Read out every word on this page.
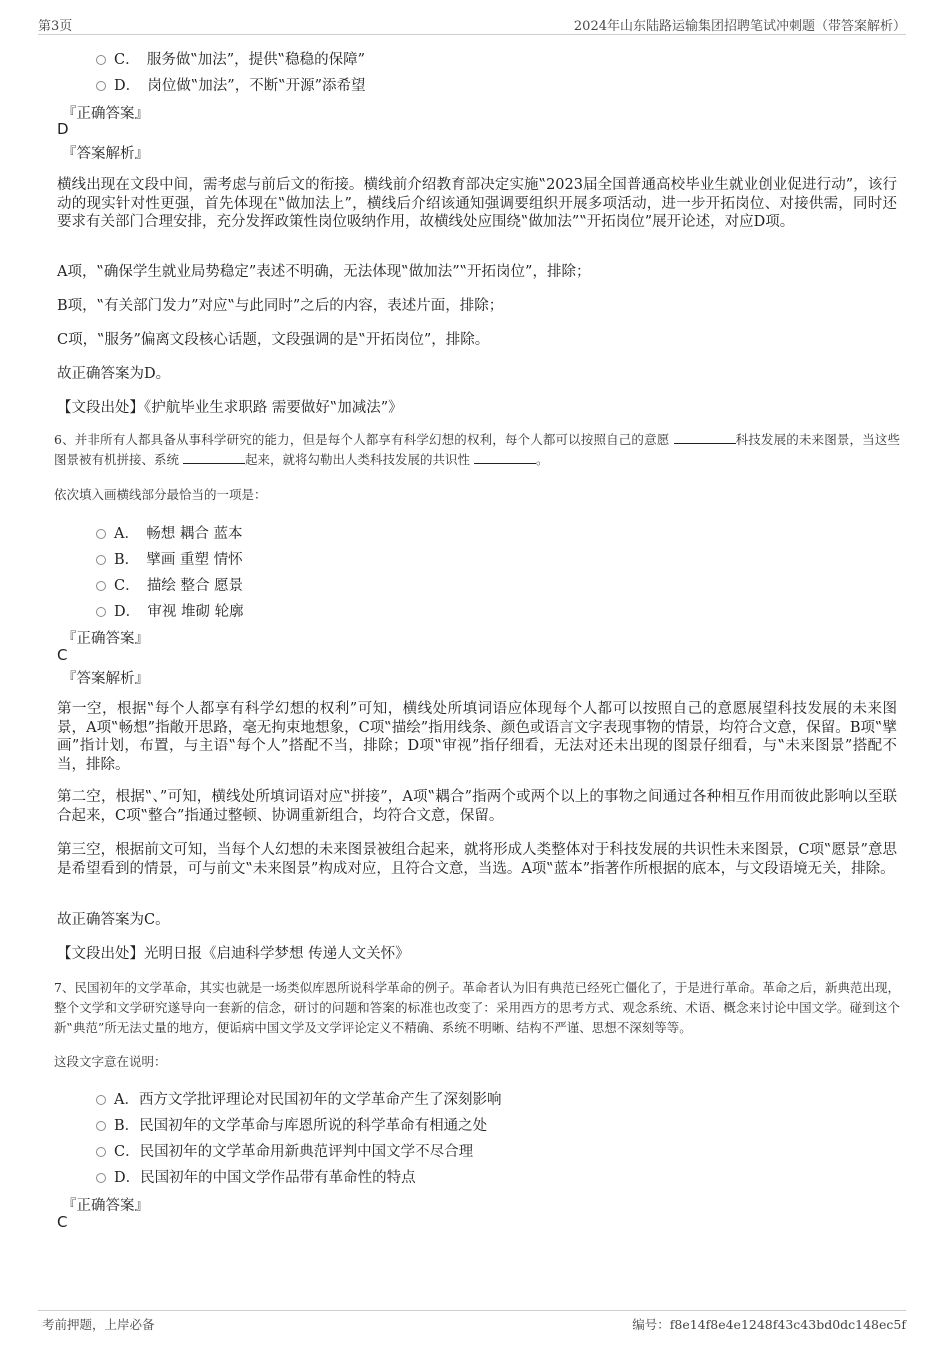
第3页	2024年山东陆路运输集团招聘笔试冲刺题（带答案解析）
C．　服务做‟加法”，提供‟稳稳的保障”
D．　岗位做‟加法”，不断‟开源”添希望
『正确答案』
D
『答案解析』
横线出现在文段中间，需考虑与前后文的衔接。横线前介绍教育部决定实施‟2023届全国普通高校毕业生就业创业促进行动”，该行动的现实针对性更强，首先体现在‟做加法上”，横线后介绍该通知强调要组织开展多项活动，进一步开拓岗位、对接供需，同时还要求有关部门合理安排，充分发挥政策性岗位吸纳作用，故横线处应围绕‟做加法”‟开拓岗位”展开论述，对应D项。
A项，‟确保学生就业局势稳定”表述不明确，无法体现‟做加法”‟开拓岗位”，排除；
B项，‟有关部门发力”对应‟与此同时”之后的内容，表述片面，排除；
C项，‟服务”偏离文段核心话题，文段强调的是‟开拓岗位”，排除。
故正确答案为D。
【文段出处】《护航毕业生求职路 需要做好‟加减法”》
6、并非所有人都具备从事科学研究的能力，但是每个人都享有科学幻想的权利，每个人都可以按照自己的意愿	科技发展的未来图景，当这些图景被有机拼接、系统	起来，就将勾勒出人类科技发展的共识性	。
依次填入画横线部分最恰当的一项是：
A．　畅想 耦合 蓝本
B．　擘画 重塑 情怀
C．　描绘 整合 愿景
D．　审视 堆砌 轮廓
『正确答案』
C
『答案解析』
第一空，根据‟每个人都享有科学幻想的权利”可知，横线处所填词语应体现每个人都可以按照自己的意愿展望科技发展的未来图景，A项‟畅想”指敞开思路，毫无拘束地想象，C项‟描绘”指用线条、颜色或语言文字表现事物的情景，均符合文意，保留。B项‟擘画”指计划，布置，与主语‟每个人”搭配不当，排除；D项‟审视”指仔细看，无法对还未出现的图景仔细看，与‟未来图景”搭配不当，排除。
第二空，根据‟、”可知，横线处所填词语对应‟拼接”，A项‟耦合”指两个或两个以上的事物之间通过各种相互作用而彼此影响以至联合起来，C项‟整合”指通过整顿、协调重新组合，均符合文意，保留。
第三空，根据前文可知，当每个人幻想的未来图景被组合起来，就将形成人类整体对于科技发展的共识性未来图景，C项‟愿景”意思是希望看到的情景，可与前文‟未来图景”构成对应，且符合文意，当选。A项‟蓝本”指著作所根据的底本，与文段语境无关，排除。
故正确答案为C。
【文段出处】光明日报《启迪科学梦想 传递人文关怀》
7、民国初年的文学革命，其实也就是一场类似库恩所说科学革命的例子。革命者认为旧有典范已经死亡僵化了，于是进行革命。革命之后，新典范出现，整个文学和文学研究遂导向一套新的信念，研讨的问题和答案的标准也改变了：采用西方的思考方式、观念系统、术语、概念来讨论中国文学。碰到这个新‟典范”所无法丈量的地方，便诟病中国文学及文学评论定义不精确、系统不明晰、结构不严谨、思想不深刻等等。
这段文字意在说明：
A．西方文学批评理论对民国初年的文学革命产生了深刻影响
B．民国初年的文学革命与库恩所说的科学革命有相通之处
C．民国初年的文学革命用新典范评判中国文学不尽合理
D．民国初年的中国文学作品带有革命性的特点
『正确答案』
C
考前押题，上岸必备	编号：f8e14f8e4e1248f43c43bd0dc148ec5f
